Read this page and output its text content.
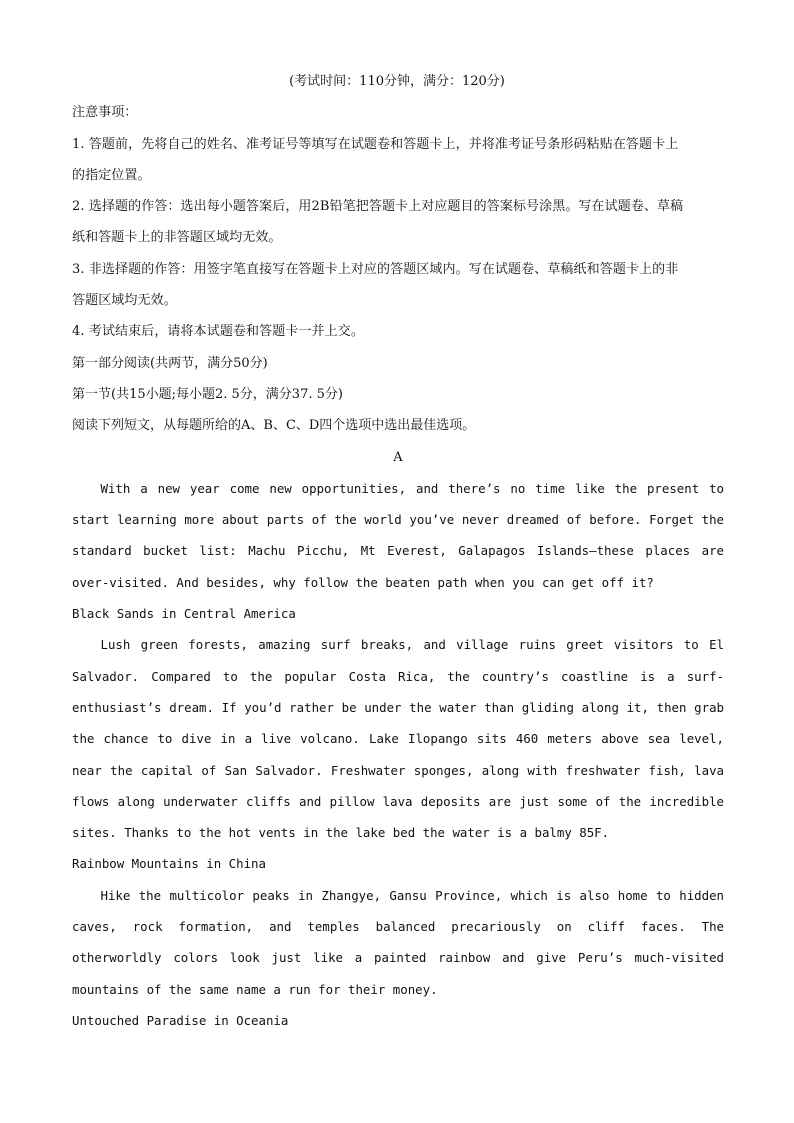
(考试时间：110分钟，满分：120分)
注意事项：
1. 答题前，先将自己的姓名、准考证号等填写在试题卷和答题卡上，并将准考证号条形码粘贴在答题卡上
的指定位置。
2. 选择题的作答：选出每小题答案后，用2B铅笔把答题卡上对应题目的答案标号涂黑。写在试题卷、草稿
纸和答题卡上的非答题区域均无效。
3. 非选择题的作答：用签字笔直接写在答题卡上对应的答题区域内。写在试题卷、草稿纸和答题卡上的非
答题区域均无效。
4. 考试结束后，请将本试题卷和答题卡一并上交。
第一部分阅读(共两节，满分50分)
第一节(共15小题;每小题2. 5分，满分37. 5分)
阅读下列短文，从每题所给的A、B、C、D四个选项中选出最佳选项。
A

With a new year come new opportunities, and there’s no time like the present to start learning more about parts of the world you’ve never dreamed of before. Forget the standard bucket list: Machu Picchu, Mt Everest, Galapagos Islands—these places are over-visited. And besides, why follow the beaten path when you can get off it?

Black Sands in Central America

Lush green forests, amazing surf breaks, and village ruins greet visitors to El Salvador. Compared to the popular Costa Rica, the country’s coastline is a surf-enthusiast’s dream. If you’d rather be under the water than gliding along it, then grab the chance to dive in a live volcano. Lake Ilopango sits 460 meters above sea level, near the capital of San Salvador. Freshwater sponges, along with freshwater fish, lava flows along underwater cliffs and pillow lava deposits are just some of the incredible sites. Thanks to the hot vents in the lake bed the water is a balmy 85F.

Rainbow Mountains in China

Hike the multicolor peaks in Zhangye, Gansu Province, which is also home to hidden caves, rock formation, and temples balanced precariously on cliff faces. The otherworldly colors look just like a painted rainbow and give Peru’s much-visited mountains of the same name a run for their money.

Untouched Paradise in Oceania
